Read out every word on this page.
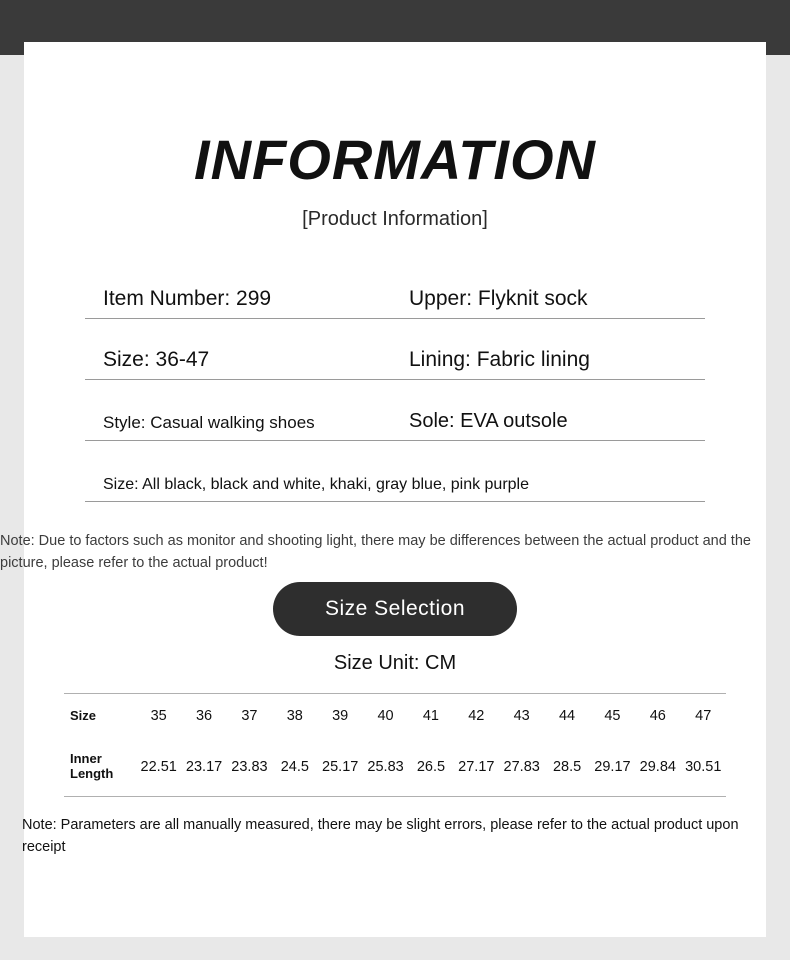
INFORMATION
[Product Information]
Item Number: 299	Upper: Flyknit sock
Size: 36-47	Lining: Fabric lining
Style: Casual walking shoes	Sole: EVA outsole
Size: All black, black and white, khaki, gray blue, pink purple
Note: Due to factors such as monitor and shooting light, there may be differences between the actual product and the picture, please refer to the actual product!
Size Selection
Size Unit: CM
Size	35	36	37	38	39	40	41	42	43	44	45	46	47
Inner Length	22.51	23.17	23.83	24.5	25.17	25.83	26.5	27.17	27.83	28.5	29.17	29.84	30.51
Note: Parameters are all manually measured, there may be slight errors, please refer to the actual product upon receipt
